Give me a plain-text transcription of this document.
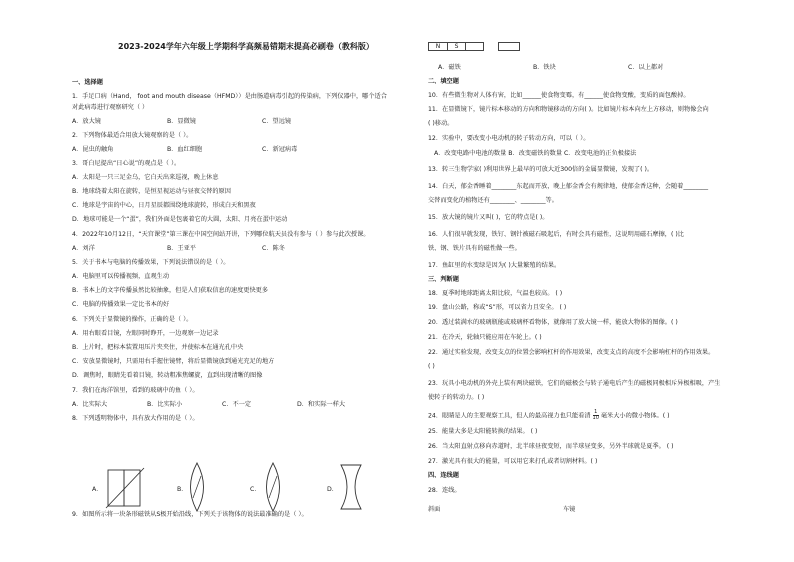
2023-2024学年六年级上学期科学高频易错期末提高必刷卷（教科版）
一、选择题
1．手足口病（Hand， foot and mouth disease（HFMD））是由肠道病毒引起的传染病，下列仪器中，哪个适合
对此病毒进行观察研究（ ）
A．放大镜	B．显微镜	C．望远镜
2．下列物体最适合用放大镜观察的是（ ）。
A．昆虫的触角	B．血红细胞	C．新冠病毒
3．哥白尼提出“日心说”的观点是（ ）。
A．太阳是一只三足金乌，它白天出来巡视，晚上休息
B．地球绕着太阳在旋转，是恒星视运动与昼夜交替的原因
C．地球是宇宙的中心，日月星辰都围绕地球旋转，形成白天和黑夜
D．地球可能是一个“蛋”，我们外面是包裹着它的大圆，太阳、月亮在蛋中运动
4．2022年10月12日，“天宫课堂”第三课在中国空间站开讲，下列哪位航天员没有参与（ ）参与此次授课。
A．刘洋	B．王亚平	C．陈冬
5．关于书本与电脑的传播效果，下列说法错误的是（ ）。
A．电脑里可以传播视频，直观生动
B．书本上的文字传播虽然比较抽象，但是人们获取信息的速度更快更多
C．电脑的传播效果一定比书本的好
6．下列关于显微镜的操作，正确的是（ ）。
A．用右眼看目镜，左眼同时睁开，一边观察一边记录
B．上片时，把标本装置用压片夹夹住，并使标本在通光孔中央
C．安放显微镜时，只需用右手握住镜臂，将后显微镜放到通光充足的地方
D．调焦时，眼睛先看着目镜，转动粗准焦螺旋，直到出现清晰的图像
7．我们在海洋馆里，看到的玻璃中的鱼（ ）。
A．比实际大	B．比实际小	C．不一定	D．和实际一样大
8．下列透明物体中，具有放大作用的是（ ）。
A．	B．	C．	D．
9．如图所示将一块条形磁铁从S极开始沿线，下列关于该物体的说法最准确的是（ ）。
N	S
A．磁铁	B．铁块	C．以上都对
二、填空题
10．有些微生物对人体有害，比如______使食物变霉，有______使食物变酸，变质的面包酸掉。
11．在显微镜下，镜片标本移动的方向和物镜移动的方向( )。比如镜片标本向左上方移动，则物像会向
( )移动。
12．实验中，要改变小电动机的转子转动方向，可以（ ）。
A．改变电路中电池的数量 B．改变磁铁的数量 C．改变电池的正负极接法
13．转三生物学家( )利用世界上最早的可放大近300倍的金属显微镜，发现了( )。
14．白天，郁金香睡着________东起而开放，晚上郁金香会有规律地，使郁金香这种，会随着________
交替而变化的植物还有________、________等。
15．放大镜的镜片又叫( )，它的特点是( )。
16．人们很早就发现，铁钉、钢针被磁石吸起后，有时会具有磁性，这说明用磁石摩擦，( )比
铁、钢、铁片具有的磁性做一些。
17．鱼缸里的水变绿是因为( )大量繁殖的结果。
三、判断题
18．夏季时地球距离太阳比较，气温也较高。 ( )
19．盘山公路，称或“S”形，可以省力且安全。 ( )
20．透过装满水的玻璃瓶能或玻璃杯看物体，就像用了放大镜一样，能放大物体的图像。( )
21．在冷天，轮轴只能应用在车轮上。( )
22．通过实验发现，改变支点的位置会影响杠杆的作用效果，改变支点的高度不会影响杠杆的作用效果。
( )
23．玩具小电动机的外壳上装有两块磁铁，它们的磁极会与转子通电后产生的磁极同极相斥异极相吸，产生
使转子的转动力。( )
24．眼睛是人的主要观察工具，但人的最高视力也只能看清 $\frac{1}{10}$ 毫米大小的微小物体。( )
25．能量大多是太阳能转换的结果。 ( )
26．当太阳直射点移向赤道时，北半球昼夜变短，而半球昼变多，另外半球就是夏季。 ( )
27．激光具有很大的能量，可以用它来打孔或者切割材料。( )
四、连线题
28．连线。
斜面	车镜
